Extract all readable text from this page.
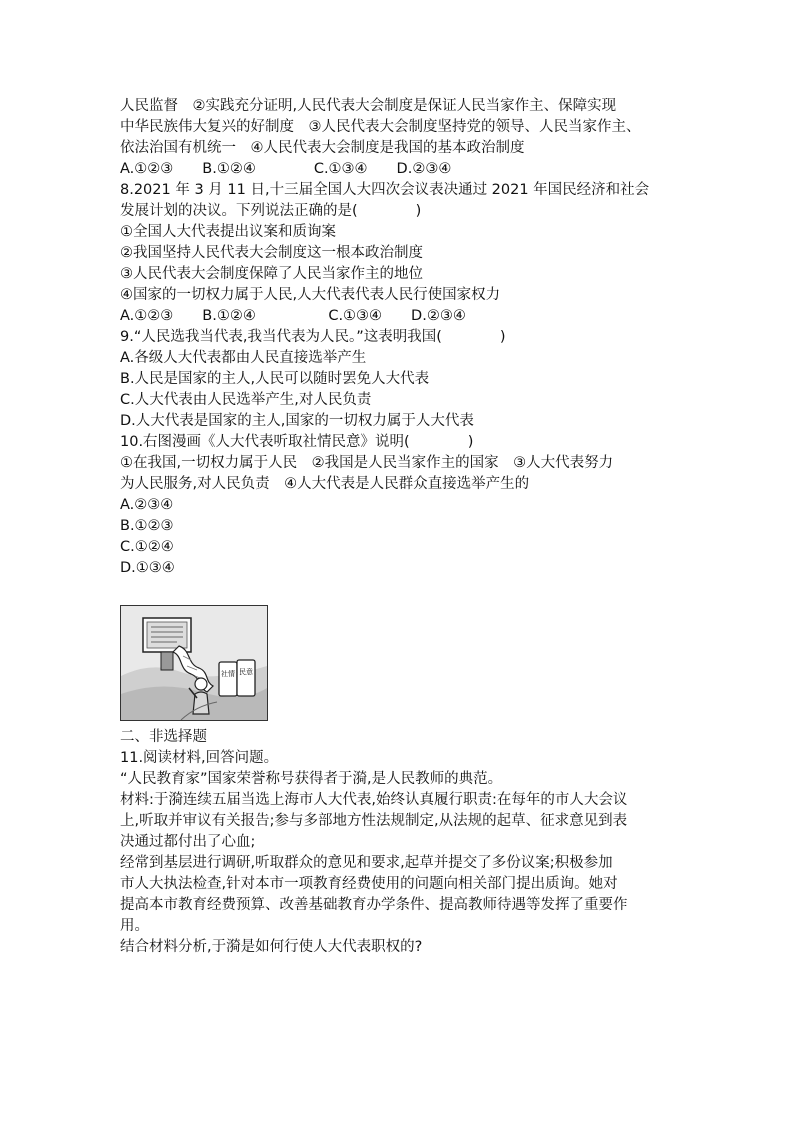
人民监督　②实践充分证明,人民代表大会制度是保证人民当家作主、保障实现
中华民族伟大复兴的好制度　③人民代表大会制度坚持党的领导、人民当家作主、
依法治国有机统一　④人民代表大会制度是我国的基本政治制度
A.①②③　　B.①②④　　　　C.①③④　　D.②③④
8.2021 年 3 月 11 日,十三届全国人大四次会议表决通过 2021 年国民经济和社会
发展计划的决议。下列说法正确的是(　　　　)
①全国人大代表提出议案和质询案
②我国坚持人民代表大会制度这一根本政治制度
③人民代表大会制度保障了人民当家作主的地位
④国家的一切权力属于人民,人大代表代表人民行使国家权力
A.①②③　　B.①②④　　　　　C.①③④　　D.②③④
9.“人民选我当代表,我当代表为人民。”这表明我国(　　　　)
A.各级人大代表都由人民直接选举产生
B.人民是国家的主人,人民可以随时罢免人大代表
C.人大代表由人民选举产生,对人民负责
D.人大代表是国家的主人,国家的一切权力属于人大代表
10.右图漫画《人大代表听取社情民意》说明(　　　　)
①在我国,一切权力属于人民　②我国是人民当家作主的国家　③人大代表努力
为人民服务,对人民负责　④人大代表是人民群众直接选举产生的
A.②③④
B.①②③
C.①②④
D.①③④
社情 民意
二、非选择题
11.阅读材料,回答问题。
“人民教育家”国家荣誉称号获得者于漪,是人民教师的典范。
材料:于漪连续五届当选上海市人大代表,始终认真履行职责:在每年的市人大会议
上,听取并审议有关报告;参与多部地方性法规制定,从法规的起草、征求意见到表
决通过都付出了心血;
经常到基层进行调研,听取群众的意见和要求,起草并提交了多份议案;积极参加
市人大执法检查,针对本市一项教育经费使用的问题向相关部门提出质询。她对
提高本市教育经费预算、改善基础教育办学条件、提高教师待遇等发挥了重要作
用。
结合材料分析,于漪是如何行使人大代表职权的?
